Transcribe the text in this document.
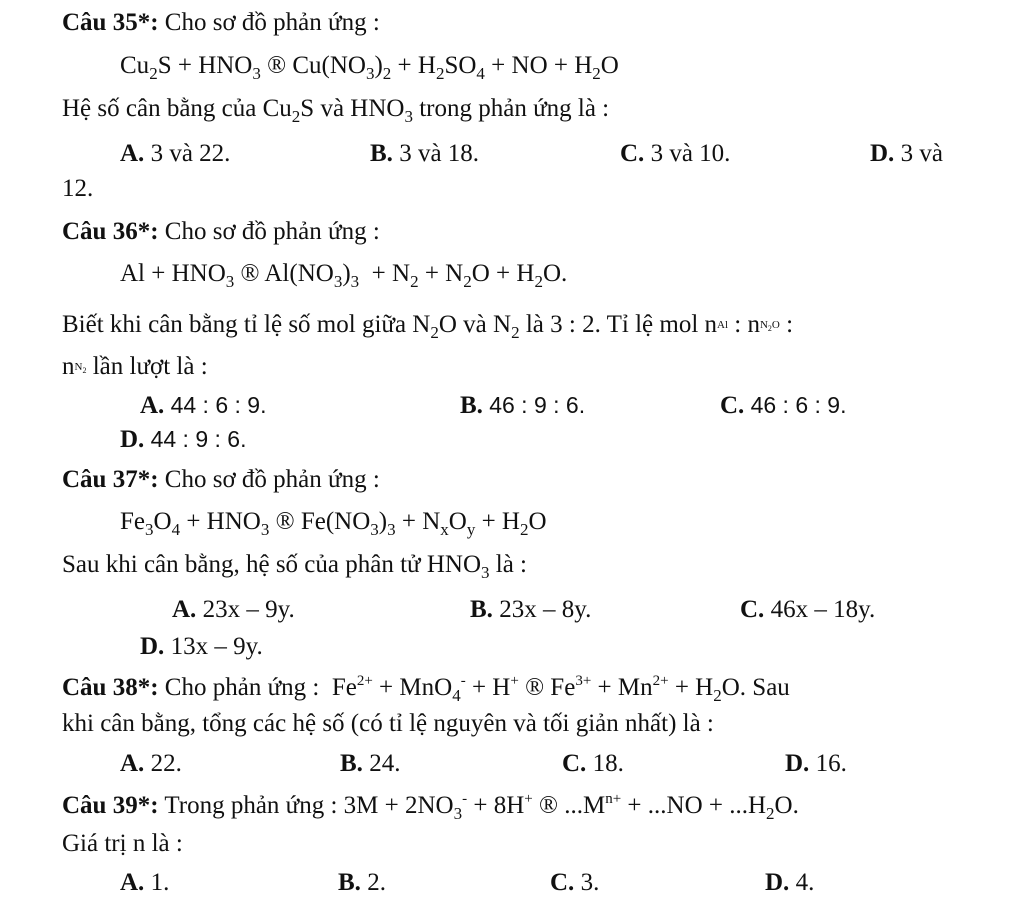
Câu 35*: Cho sơ đồ phản ứng :
$Cu_2S + HNO_3$ ® $Cu(NO_3)_2 + H_2SO_4$ + NO + $H_2O$
Hệ số cân bằng của $Cu_2S$ và $HNO_3$ trong phản ứng là :
A. 3 và 22.	B. 3 và 18.	C. 3 và 10.	D. 3 và
12.
Câu 36*: Cho sơ đồ phản ứng :
$Al + HNO_3$ ® $Al(NO_3)_3 + N_2 + N_2O + H_2O$.
Biết khi cân bằng tỉ lệ số mol giữa $N_2O$ và $N_2$ là 3 : 2. Tỉ lệ mol nAl : $nN_2O$ :
$nN_2$ lần lượt là :
A. 44 : 6 : 9.	B. 46 : 9 : 6.	C. 46 : 6 : 9.
D. 44 : 9 : 6.
Câu 37*: Cho sơ đồ phản ứng :
$Fe_3O_4 + HNO_3$ ® $Fe(NO_3)_3 + N_xO_y + H_2O$
Sau khi cân bằng, hệ số của phân tử $HNO_3$ là :
A. 23x – 9y.	B. 23x – 8y.	C. 46x – 18y.
D. 13x – 9y.
Câu 38*: Cho phản ứng :  $Fe^{2+} + MnO_4^- + H^+$ ® $Fe^{3+} + Mn^{2+} + H_2O$. Sau
khi cân bằng, tổng các hệ số (có tỉ lệ nguyên và tối giản nhất) là :
A. 22.	B. 24.	C. 18.	D. 16.
Câu 39*: Trong phản ứng : $3M + 2NO_3^- + 8H^+$ ® $...M^{n+} + ...NO + ...H_2O$.
Giá trị n là :
A. 1.	B. 2.	C. 3.	D. 4.
